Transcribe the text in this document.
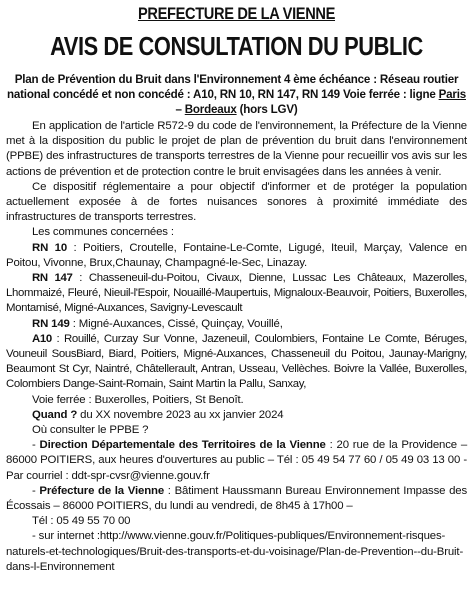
PREFECTURE DE LA VIENNE
AVIS DE CONSULTATION DU PUBLIC
Plan de Prévention du Bruit dans l'Environnement 4 ème échéance : Réseau routier national concédé et non concédé : A10, RN 10, RN 147, RN 149 Voie ferrée : ligne Paris – Bordeaux (hors LGV)

En application de l'article R572-9 du code de l'environnement, la Préfecture de la Vienne met à la disposition du public le projet de plan de prévention du bruit dans l'environnement (PPBE) des infrastructures de transports terrestres de la Vienne pour recueillir vos avis sur les actions de prévention et de protection contre le bruit envisagées dans les années à venir.

Ce dispositif réglementaire a pour objectif d'informer et de protéger la population actuellement exposée à de fortes nuisances sonores à proximité immédiate des infrastructures de transports terrestres.

Les communes concernées :

RN 10 : Poitiers, Croutelle, Fontaine-Le-Comte, Ligugé, Iteuil, Marçay, Valence en Poitou, Vivonne, Brux,Chaunay, Champagné-le-Sec, Linazay.

RN 147 : Chasseneuil-du-Poitou, Civaux, Dienne, Lussac Les Châteaux, Mazerolles, Lhommaizé, Fleuré, Nieuil-l'Espoir, Nouaillé-Maupertuis, Mignaloux-Beauvoir, Poitiers, Buxerolles, Montamisé, Migné-Auxances, Savigny-Levescault

RN 149 : Migné-Auxances, Cissé, Quinçay, Vouillé,

A10 : Rouillé, Curzay Sur Vonne, Jazeneuil, Coulombiers, Fontaine Le Comte, Béruges, Vouneuil SousBiard, Biard, Poitiers, Migné-Auxances, Chasseneuil du Poitou, Jaunay-Marigny, Beaumont St Cyr, Naintré, Châtellerault, Antran, Usseau, Vellèches. Boivre la Vallée, Buxerolles, Colombiers Dange-Saint-Romain, Saint Martin la Pallu, Sanxay,

Voie ferrée : Buxerolles, Poitiers, St Benoît.

Quand ? du XX novembre 2023 au xx janvier 2024

Où consulter le PPBE ?

- Direction Départementale des Territoires de la Vienne : 20 rue de la Providence – 86000 POITIERS, aux heures d'ouvertures au public – Tél : 05 49 54 77 60 / 05 49 03 13 00 -Par courriel : ddt-spr-cvsr@vienne.gouv.fr

- Préfecture de la Vienne : Bâtiment Haussmann Bureau Environnement Impasse des Écossais – 86000 POITIERS, du lundi au vendredi, de 8h45 à 17h00 –

Tél : 05 49 55 70 00

- sur internet :http://www.vienne.gouv.fr/Politiques-publiques/Environnement-risques-naturels-et-technologiques/Bruit-des-transports-et-du-voisinage/Plan-de-Prevention--du-Bruit-dans-l-Environnement
